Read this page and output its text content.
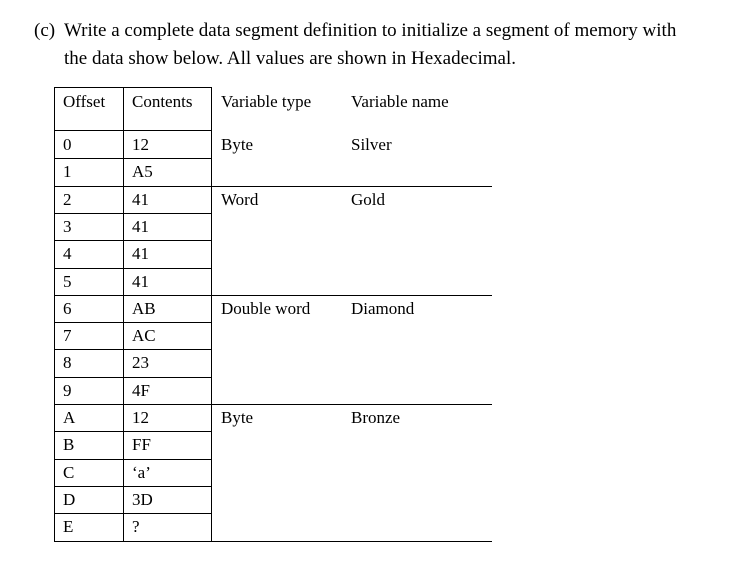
(c) Write a complete data segment definition to initialize a segment of memory with
the data show below. All values are shown in Hexadecimal.
Offset	Contents	Variable type	Variable name
0	12	Byte	Silver
1	A5
2	41	Word	Gold
3	41
4	41
5	41
6	AB	Double word	Diamond
7	AC
8	23
9	4F
A	12	Byte	Bronze
B	FF
C	‘a’
D	3D
E	?
